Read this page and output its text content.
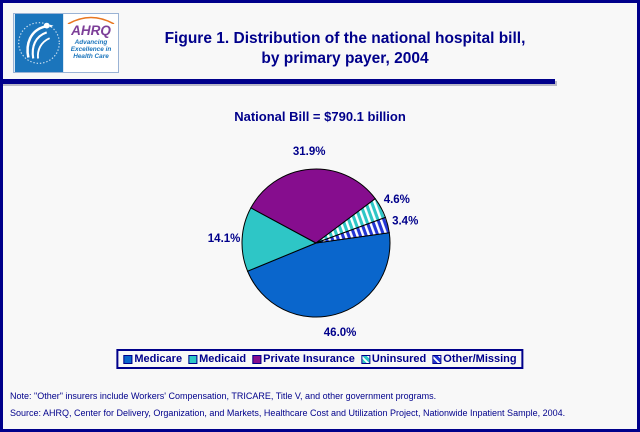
AHRQ
Advancing
Excellence in
Health Care
Figure 1. Distribution of the national hospital bill,
by primary payer, 2004
National Bill = $790.1 billion
46.0%
14.1%
31.9%
4.6%
3.4%
Medicare Medicaid Private Insurance Uninsured Other/Missing
Note: "Other" insurers include Workers' Compensation, TRICARE, Title V, and other government programs.
Source: AHRQ, Center for Delivery, Organization, and Markets, Healthcare Cost and Utilization Project, Nationwide Inpatient Sample, 2004.
